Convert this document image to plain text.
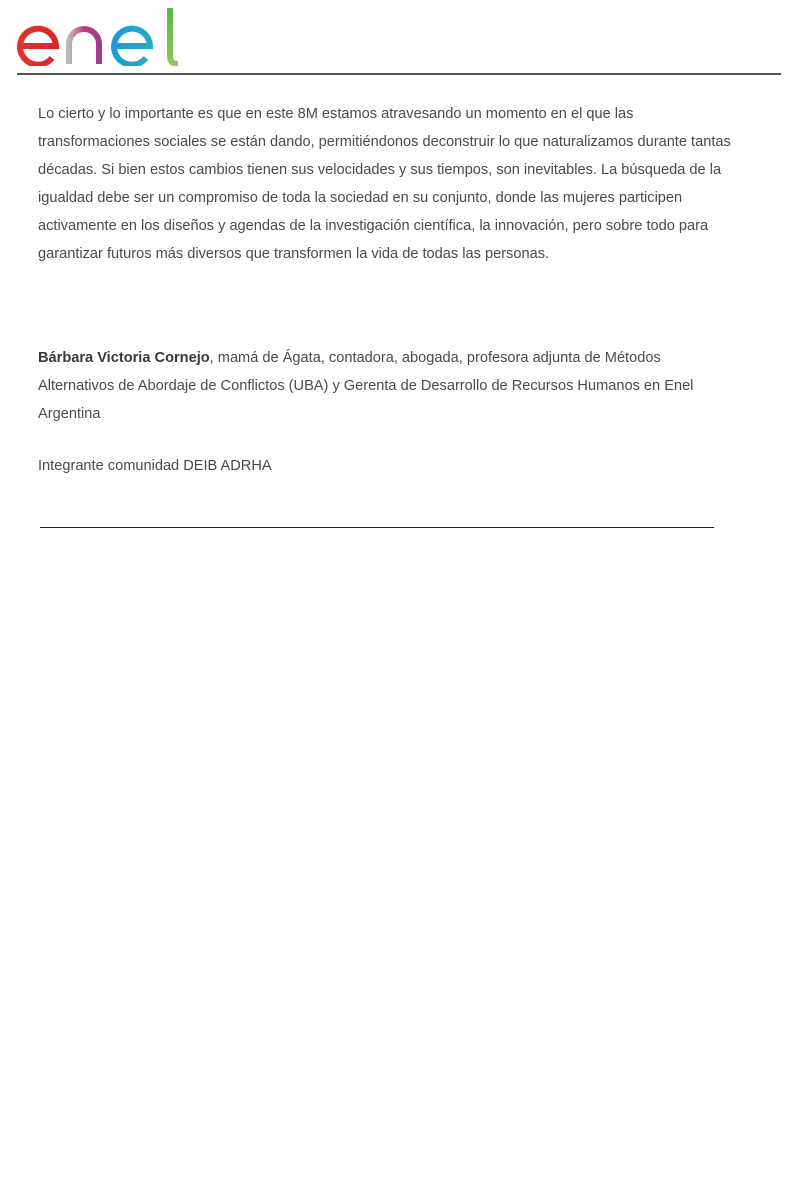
Lo cierto y lo importante es que en este 8M estamos atravesando un momento en el que las transformaciones sociales se están dando, permitiéndonos deconstruir lo que naturalizamos durante tantas décadas. Si bien estos cambios tienen sus velocidades y sus tiempos, son inevitables. La búsqueda de la igualdad debe ser un compromiso de toda la sociedad en su conjunto, donde las mujeres participen activamente en los diseños y agendas de la investigación científica, la innovación, pero sobre todo para garantizar futuros más diversos que transformen la vida de todas las personas.

Bárbara Victoria Cornejo, mamá de Ágata, contadora, abogada, profesora adjunta de Métodos Alternativos de Abordaje de Conflictos (UBA) y Gerenta de Desarrollo de Recursos Humanos en Enel Argentina

Integrante comunidad DEIB ADRHA
